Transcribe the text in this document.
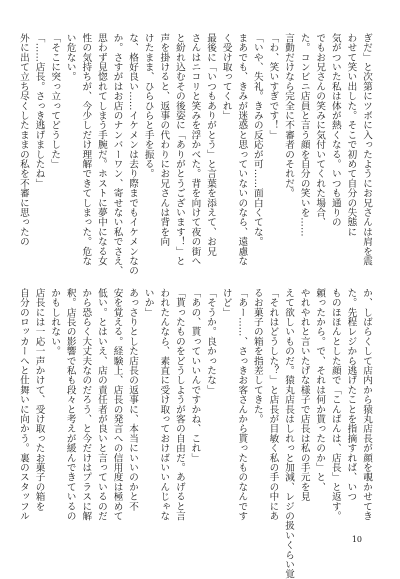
ぎだ」と次第にツボに入ったようにお兄さんは肩を震

わせて笑い出した。そこで初めて自分の失態に

気がついた私は体が熱くなる。いつも通りの

でもお兄さんの笑みに気付いてくれた場合、

た。コンビニ店員と言う顔を自分の笑いを……

言動だけなら完全に不審者のそれだ。

「わ、笑いすぎです！」

「いや、失礼。きみの反応が可……面白くてな。

まあでも、きみが迷惑と思っていないのなら、遠慮な

く受け取ってくれ」

最後に「いつもありがとう」と言葉を添えて、お兄

さんはニコリと笑みを浮かべた。背を向けて夜の街へ

と紛れ込むその後姿に「ありがとうございます！」と

声を掛けると、返事の代わりにお兄さんは背を向

けたまま、ひらひらと手を振る。

な、格好良い……イケメンは去り際までもイケメンなの

か。さすがはお店のナンバーワン、寄せない私でさえ、

思わず見惚れてしまう手腕だ。ホストに夢中になる女

性の気持ちが、今少しだけ理解できてしまった。危な

い危ない。

「そこに突っ立ってどうした」

「……店長。さっき逃げましたね」

外に出て立ち尽くしたままの私を不審に思ったの

か、しばらくして店内から猿丸店長が顔を覗かせてき

た。先程レジから逃げたことを指摘すれば、いつ

ものほほんとした顔で「こんばんは、店長」と返す。

頼ったから。で、それは何か貰ったのか」と、

やれやれと言いたげな様子で店長は私の手元を見

えて欲しいものだ。猿丸店長はしれっと加減、レジの扱いくらい覚

「それはどうした？」と店長が目敏く私の手の中にあ

るお菓子の箱を指差してきた。

「あー……、さっきお客さんから貰ったものなんです

けど」

「そうか。良かったな」

「あの、貰っていいんですかね、これ」

「貰ったものをどうしようが客の自由だ。あげると言

われたんなら、素直に受け取っておけばいいんじゃな

いか」

あっさりとした店長の返事に、本当にいいのかと不

安を覚える。経験上、店長の発言への信用度は極めて

低い。とはいえ、店の責任者が良いと言っているのだ

から恐らく大丈夫なのだろう、と今だけはプラスに解

釈。店長の影響で私も段々と考えが緩んできているの

かもしれない。

店長には一応一声かけて、受け取ったお菓子の箱を

自分のロッカーへと仕舞いに向かう。裏のスタッフル

10
